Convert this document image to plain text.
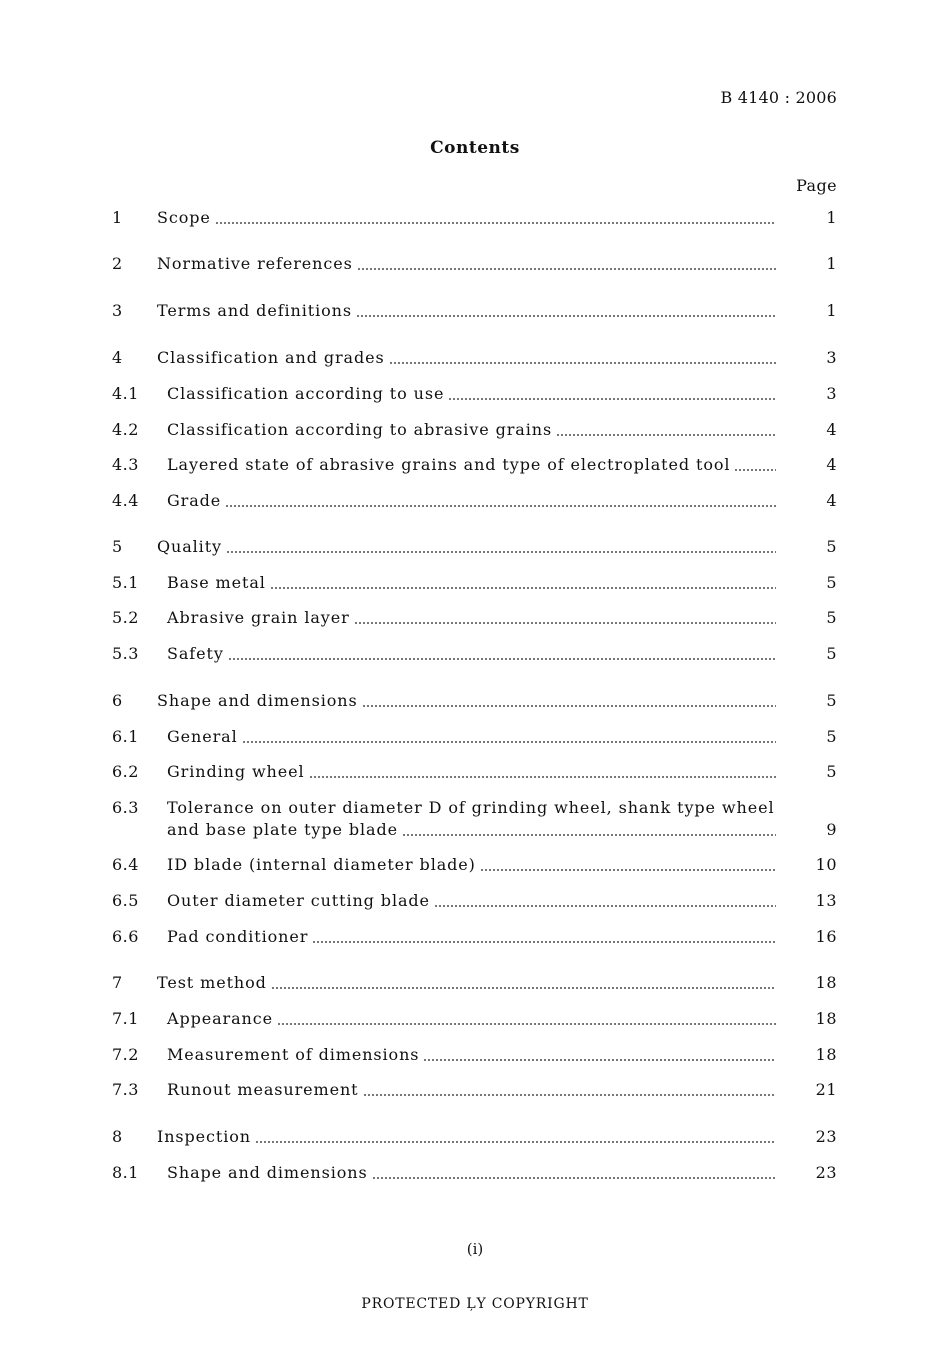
B 4140 : 2006
Contents
Page
1 Scope	1
2 Normative references	1
3 Terms and definitions	1
4 Classification and grades	3
4.1 Classification according to use	3
4.2 Classification according to abrasive grains	4
4.3 Layered state of abrasive grains and type of electroplated tool	4
4.4 Grade	4
5 Quality	5
5.1 Base metal	5
5.2 Abrasive grain layer	5
5.3 Safety	5
6 Shape and dimensions	5
6.1 General	5
6.2 Grinding wheel	5
6.3 Tolerance on outer diameter D of grinding wheel, shank type wheel
and base plate type blade	9
6.4 ID blade (internal diameter blade)	10
6.5 Outer diameter cutting blade	13
6.6 Pad conditioner	16
7 Test method	18
7.1 Appearance	18
7.2 Measurement of dimensions	18
7.3 Runout measurement	21
8 Inspection	23
8.1 Shape and dimensions	23
(i)
PROTECTED ĻY COPYRIGHT
